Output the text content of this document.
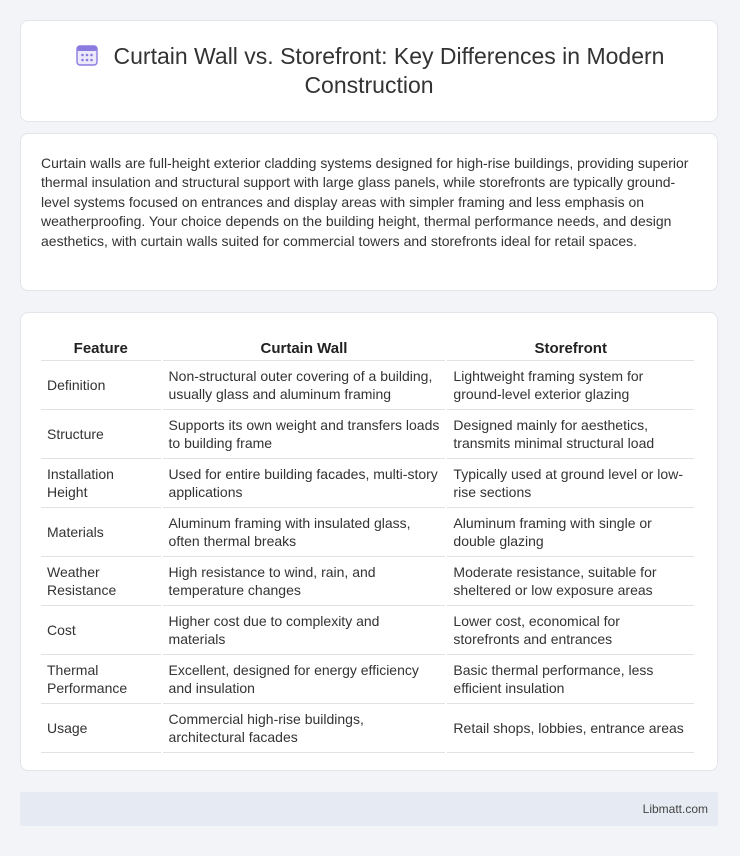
Curtain Wall vs. Storefront: Key Differences in Modern Construction

Curtain walls are full-height exterior cladding systems designed for high-rise buildings, providing superior thermal insulation and structural support with large glass panels, while storefronts are typically ground-level systems focused on entrances and display areas with simpler framing and less emphasis on weatherproofing. Your choice depends on the building height, thermal performance needs, and design aesthetics, with curtain walls suited for commercial towers and storefronts ideal for retail spaces.

Feature	Curtain Wall	Storefront
Definition	Non-structural outer covering of a building, usually glass and aluminum framing	Lightweight framing system for ground-level exterior glazing
Structure	Supports its own weight and transfers loads to building frame	Designed mainly for aesthetics, transmits minimal structural load
Installation Height	Used for entire building facades, multi-story applications	Typically used at ground level or low-rise sections
Materials	Aluminum framing with insulated glass, often thermal breaks	Aluminum framing with single or double glazing
Weather Resistance	High resistance to wind, rain, and temperature changes	Moderate resistance, suitable for sheltered or low exposure areas
Cost	Higher cost due to complexity and materials	Lower cost, economical for storefronts and entrances
Thermal Performance	Excellent, designed for energy efficiency and insulation	Basic thermal performance, less efficient insulation
Usage	Commercial high-rise buildings, architectural facades	Retail shops, lobbies, entrance areas
Libmatt.com
